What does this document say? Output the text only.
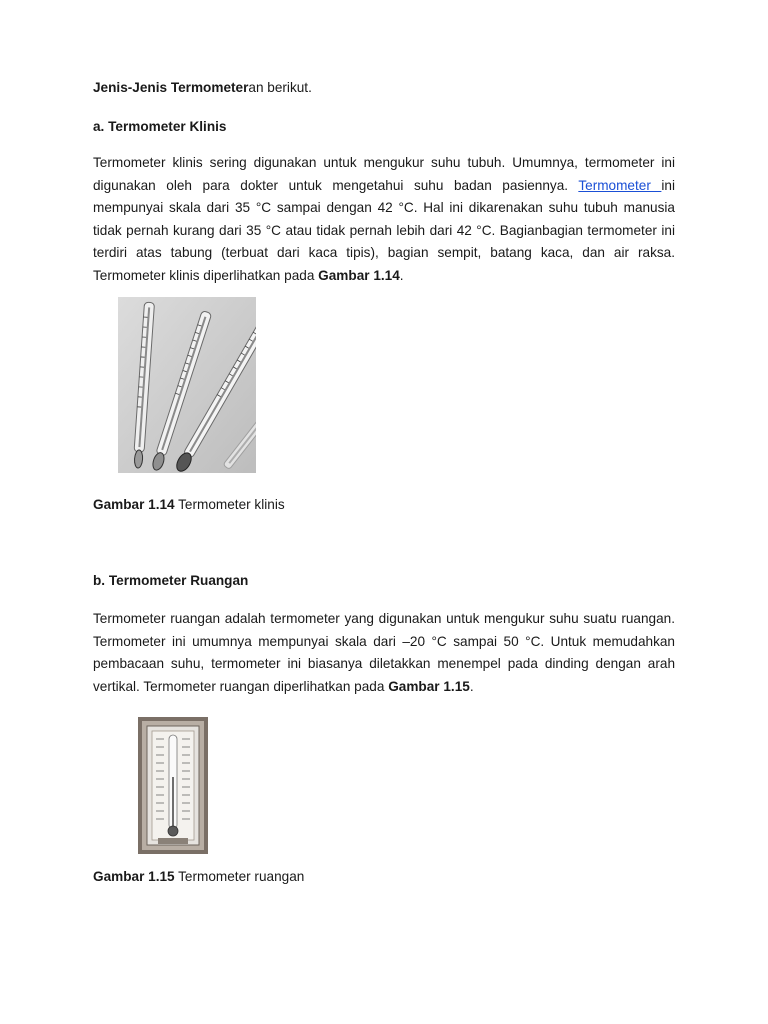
Jenis-Jenis Termometeran berikut.
a. Termometer Klinis
Termometer klinis sering digunakan untuk mengukur suhu tubuh. Umumnya, termometer ini digunakan oleh para dokter untuk mengetahui suhu badan pasiennya. Termometer ini mempunyai skala dari 35 °C sampai dengan 42 °C. Hal ini dikarenakan suhu tubuh manusia tidak pernah kurang dari 35 °C atau tidak pernah lebih dari 42 °C. Bagianbagian termometer ini terdiri atas tabung (terbuat dari kaca tipis), bagian sempit, batang kaca, dan air raksa. Termometer klinis diperlihatkan pada Gambar 1.14.
Gambar 1.14 Termometer klinis
b. Termometer Ruangan
Termometer ruangan adalah termometer yang digunakan untuk mengukur suhu suatu ruangan. Termometer ini umumnya mempunyai skala dari –20 °C sampai 50 °C. Untuk memudahkan pembacaan suhu, termometer ini biasanya diletakkan menempel pada dinding dengan arah vertikal. Termometer ruangan diperlihatkan pada Gambar 1.15.
Gambar 1.15 Termometer ruangan
